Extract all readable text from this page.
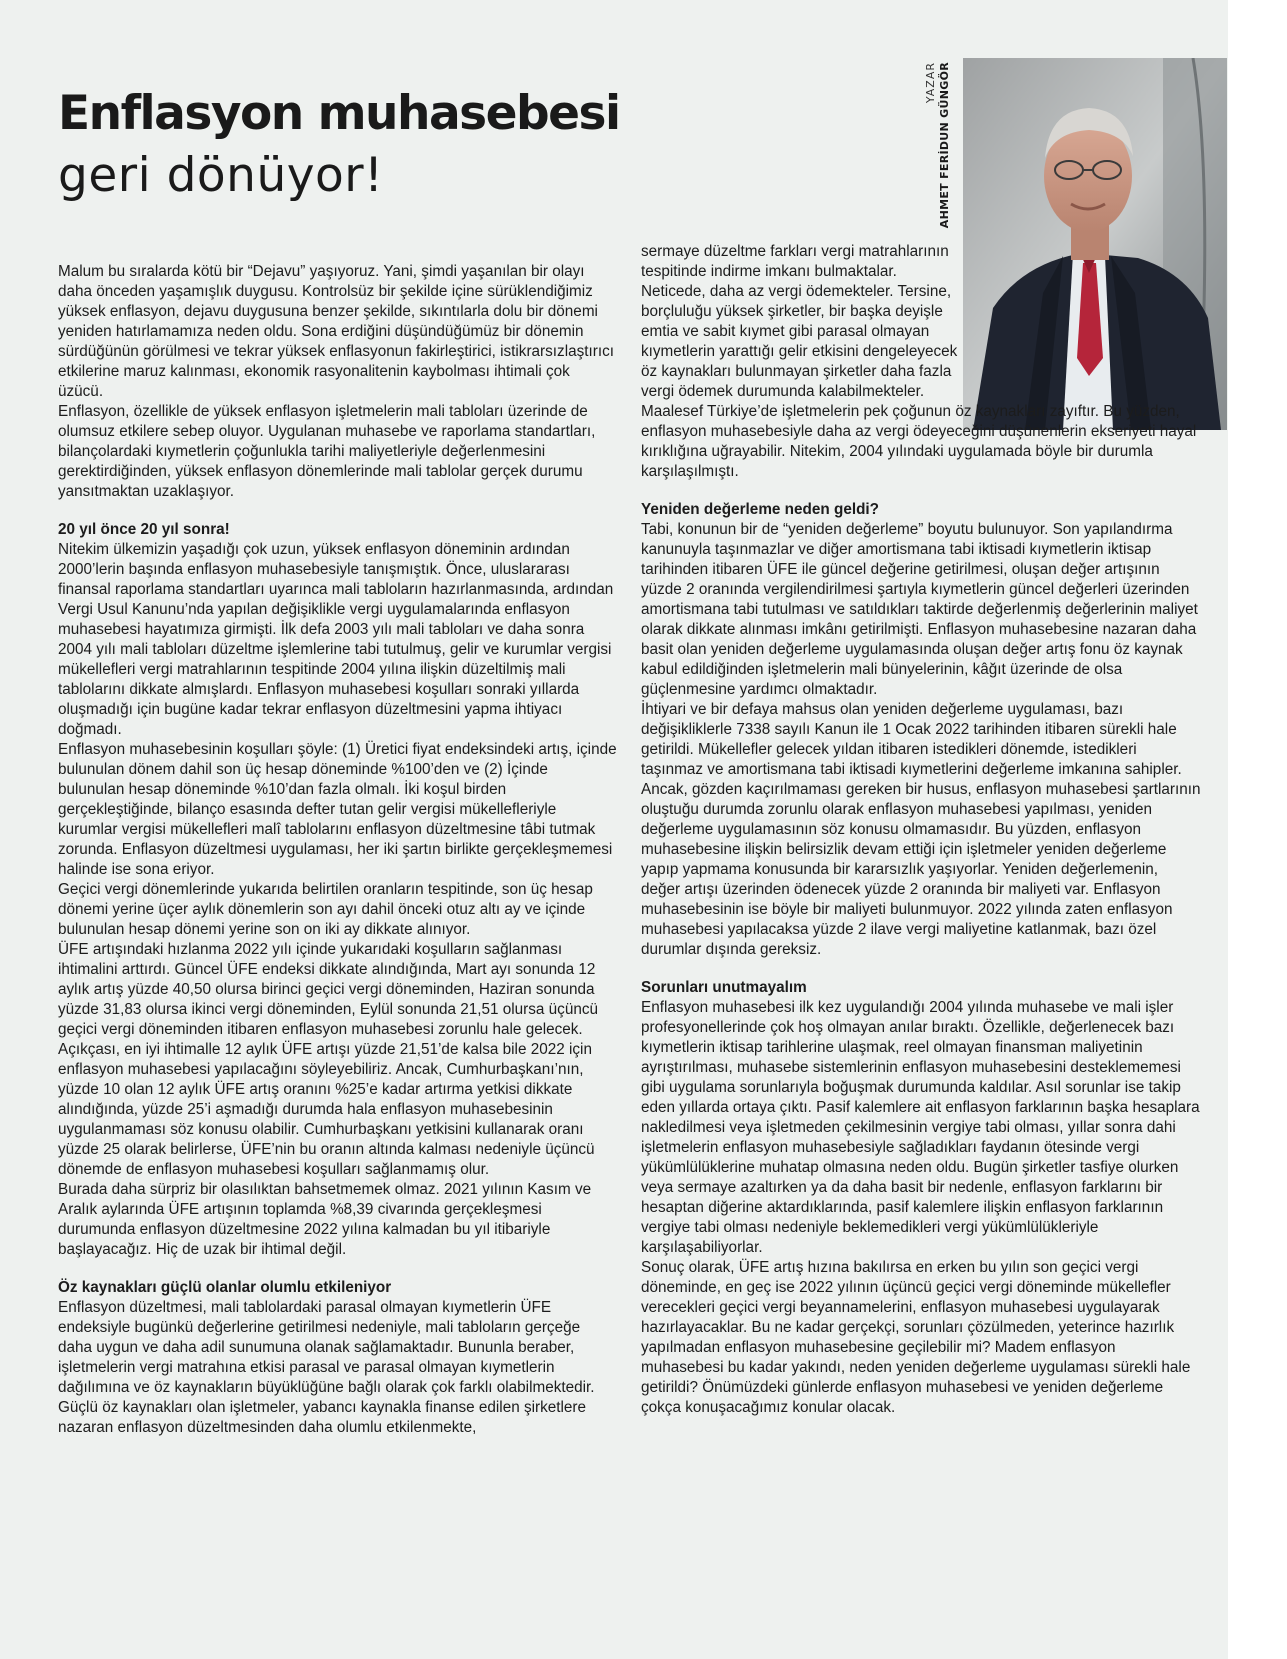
Enflasyon muhasebesi
geri dönüyor!
YAZAR AHMET FERİDUN GÜNGÖR

Malum bu sıralarda kötü bir “Dejavu” yaşıyoruz. Yani, şimdi yaşanılan bir olayı daha önceden yaşamışlık duygusu. Kontrolsüz bir şekilde içine sürüklendiğimiz yüksek enflasyon, dejavu duygusuna benzer şekilde, sıkıntılarla dolu bir dönemi yeniden hatırlamamıza neden oldu. Sona erdiğini düşündüğümüz bir dönemin sürdüğünün görülmesi ve tekrar yüksek enflasyonun fakirleştirici, istikrarsızlaştırıcı etkilerine maruz kalınması, ekonomik rasyonalitenin kaybolması ihtimali çok üzücü.

Enflasyon, özellikle de yüksek enflasyon işletmelerin mali tabloları üzerinde de olumsuz etkilere sebep oluyor. Uygulanan muhasebe ve raporlama standartları, bilançolardaki kıymetlerin çoğunlukla tarihi maliyetleriyle değerlenmesini gerektirdiğinden, yüksek enflasyon dönemlerinde mali tablolar gerçek durumu yansıtmaktan uzaklaşıyor.

20 yıl önce 20 yıl sonra!

Nitekim ülkemizin yaşadığı çok uzun, yüksek enflasyon döneminin ardından 2000’lerin başında enflasyon muhasebesiyle tanışmıştık. Önce, uluslararası finansal raporlama standartları uyarınca mali tabloların hazırlanmasında, ardından Vergi Usul Kanunu’nda yapılan değişiklikle vergi uygulamalarında enflasyon muhasebesi hayatımıza girmişti. İlk defa 2003 yılı mali tabloları ve daha sonra 2004 yılı mali tabloları düzeltme işlemlerine tabi tutulmuş, gelir ve kurumlar vergisi mükellefleri vergi matrahlarının tespitinde 2004 yılına ilişkin düzeltilmiş mali tablolarını dikkate almışlardı. Enflasyon muhasebesi koşulları sonraki yıllarda oluşmadığı için bugüne kadar tekrar enflasyon düzeltmesini yapma ihtiyacı doğmadı.

Enflasyon muhasebesinin koşulları şöyle: (1) Üretici fiyat endeksindeki artış, içinde bulunulan dönem dahil son üç hesap döneminde %100’den ve (2) İçinde bulunulan hesap döneminde %10’dan fazla olmalı. İki koşul birden gerçekleştiğinde, bilanço esasında defter tutan gelir vergisi mükellefleriyle kurumlar vergisi mükellefleri malî tablolarını enflasyon düzeltmesine tâbi tutmak zorunda. Enflasyon düzeltmesi uygulaması, her iki şartın birlikte gerçekleşmemesi halinde ise sona eriyor.

Geçici vergi dönemlerinde yukarıda belirtilen oranların tespitinde, son üç hesap dönemi yerine üçer aylık dönemlerin son ayı dahil önceki otuz altı ay ve içinde bulunulan hesap dönemi yerine son on iki ay dikkate alınıyor.

ÜFE artışındaki hızlanma 2022 yılı içinde yukarıdaki koşulların sağlanması ihtimalini arttırdı. Güncel ÜFE endeksi dikkate alındığında, Mart ayı sonunda 12 aylık artış yüzde 40,50 olursa birinci geçici vergi döneminden, Haziran sonunda yüzde 31,83 olursa ikinci vergi döneminden, Eylül sonunda 21,51 olursa üçüncü geçici vergi döneminden itibaren enflasyon muhasebesi zorunlu hale gelecek.

Açıkçası, en iyi ihtimalle 12 aylık ÜFE artışı yüzde 21,51’de kalsa bile 2022 için enflasyon muhasebesi yapılacağını söyleyebiliriz. Ancak, Cumhurbaşkanı’nın, yüzde 10 olan 12 aylık ÜFE artış oranını %25’e kadar artırma yetkisi dikkate alındığında, yüzde 25’i aşmadığı durumda hala enflasyon muhasebesinin uygulanmaması söz konusu olabilir. Cumhurbaşkanı yetkisini kullanarak oranı yüzde 25 olarak belirlerse, ÜFE’nin bu oranın altında kalması nedeniyle üçüncü dönemde de enflasyon muhasebesi koşulları sağlanmamış olur.

Burada daha sürpriz bir olasılıktan bahsetmemek olmaz. 2021 yılının Kasım ve Aralık aylarında ÜFE artışının toplamda %8,39 civarında gerçekleşmesi durumunda enflasyon düzeltmesine 2022 yılına kalmadan bu yıl itibariyle başlayacağız. Hiç de uzak bir ihtimal değil.

Öz kaynakları güçlü olanlar olumlu etkileniyor

Enflasyon düzeltmesi, mali tablolardaki parasal olmayan kıymetlerin ÜFE endeksiyle bugünkü değerlerine getirilmesi nedeniyle, mali tabloların gerçeğe daha uygun ve daha adil sunumuna olanak sağlamaktadır. Bununla beraber, işletmelerin vergi matrahına etkisi parasal ve parasal olmayan kıymetlerin dağılımına ve öz kaynakların büyüklüğüne bağlı olarak çok farklı olabilmektedir. Güçlü öz kaynakları olan işletmeler, yabancı kaynakla finanse edilen şirketlere nazaran enflasyon düzeltmesinden daha olumlu etkilenmekte,

sermaye düzeltme farkları vergi matrahlarının tespitinde indirme imkanı bulmaktalar. Neticede, daha az vergi ödemekteler. Tersine, borçluluğu yüksek şirketler, bir başka deyişle emtia ve sabit kıymet gibi parasal olmayan kıymetlerin yarattığı gelir etkisini dengeleyecek öz kaynakları bulunmayan şirketler daha fazla vergi ödemek durumunda kalabilmekteler.

Maalesef Türkiye’de işletmelerin pek çoğunun öz kaynakları zayıftır. Bu yüzden, enflasyon muhasebesiyle daha az vergi ödeyeceğini düşünenlerin ekseriyeti hayal kırıklığına uğrayabilir. Nitekim, 2004 yılındaki uygulamada böyle bir durumla karşılaşılmıştı.

Yeniden değerleme neden geldi?

Tabi, konunun bir de “yeniden değerleme” boyutu bulunuyor. Son yapılandırma kanunuyla taşınmazlar ve diğer amortismana tabi iktisadi kıymetlerin iktisap tarihinden itibaren ÜFE ile güncel değerine getirilmesi, oluşan değer artışının yüzde 2 oranında vergilendirilmesi şartıyla kıymetlerin güncel değerleri üzerinden amortismana tabi tutulması ve satıldıkları taktirde değerlenmiş değerlerinin maliyet olarak dikkate alınması imkânı getirilmişti. Enflasyon muhasebesine nazaran daha basit olan yeniden değerleme uygulamasında oluşan değer artış fonu öz kaynak kabul edildiğinden işletmelerin mali bünyelerinin, kâğıt üzerinde de olsa güçlenmesine yardımcı olmaktadır.

İhtiyari ve bir defaya mahsus olan yeniden değerleme uygulaması, bazı değişikliklerle 7338 sayılı Kanun ile 1 Ocak 2022 tarihinden itibaren sürekli hale getirildi. Mükellefler gelecek yıldan itibaren istedikleri dönemde, istedikleri taşınmaz ve amortismana tabi iktisadi kıymetlerini değerleme imkanına sahipler. Ancak, gözden kaçırılmaması gereken bir husus, enflasyon muhasebesi şartlarının oluştuğu durumda zorunlu olarak enflasyon muhasebesi yapılması, yeniden değerleme uygulamasının söz konusu olmamasıdır. Bu yüzden, enflasyon muhasebesine ilişkin belirsizlik devam ettiği için işletmeler yeniden değerleme yapıp yapmama konusunda bir kararsızlık yaşıyorlar. Yeniden değerlemenin, değer artışı üzerinden ödenecek yüzde 2 oranında bir maliyeti var. Enflasyon muhasebesinin ise böyle bir maliyeti bulunmuyor. 2022 yılında zaten enflasyon muhasebesi yapılacaksa yüzde 2 ilave vergi maliyetine katlanmak, bazı özel durumlar dışında gereksiz.

Sorunları unutmayalım

Enflasyon muhasebesi ilk kez uygulandığı 2004 yılında muhasebe ve mali işler profesyonellerinde çok hoş olmayan anılar bıraktı. Özellikle, değerlenecek bazı kıymetlerin iktisap tarihlerine ulaşmak, reel olmayan finansman maliyetinin ayrıştırılması, muhasebe sistemlerinin enflasyon muhasebesini desteklememesi gibi uygulama sorunlarıyla boğuşmak durumunda kaldılar. Asıl sorunlar ise takip eden yıllarda ortaya çıktı. Pasif kalemlere ait enflasyon farklarının başka hesaplara nakledilmesi veya işletmeden çekilmesinin vergiye tabi olması, yıllar sonra dahi işletmelerin enflasyon muhasebesiyle sağladıkları faydanın ötesinde vergi yükümlülüklerine muhatap olmasına neden oldu. Bugün şirketler tasfiye olurken veya sermaye azaltırken ya da daha basit bir nedenle, enflasyon farklarını bir hesaptan diğerine aktardıklarında, pasif kalemlere ilişkin enflasyon farklarının vergiye tabi olması nedeniyle beklemedikleri vergi yükümlülükleriyle karşılaşabiliyorlar.

Sonuç olarak, ÜFE artış hızına bakılırsa en erken bu yılın son geçici vergi döneminde, en geç ise 2022 yılının üçüncü geçici vergi döneminde mükellefler verecekleri geçici vergi beyannamelerini, enflasyon muhasebesi uygulayarak hazırlayacaklar. Bu ne kadar gerçekçi, sorunları çözülmeden, yeterince hazırlık yapılmadan enflasyon muhasebesine geçilebilir mi? Madem enflasyon muhasebesi bu kadar yakındı, neden yeniden değerleme uygulaması sürekli hale getirildi? Önümüzdeki günlerde enflasyon muhasebesi ve yeniden değerleme çokça konuşacağımız konular olacak.
